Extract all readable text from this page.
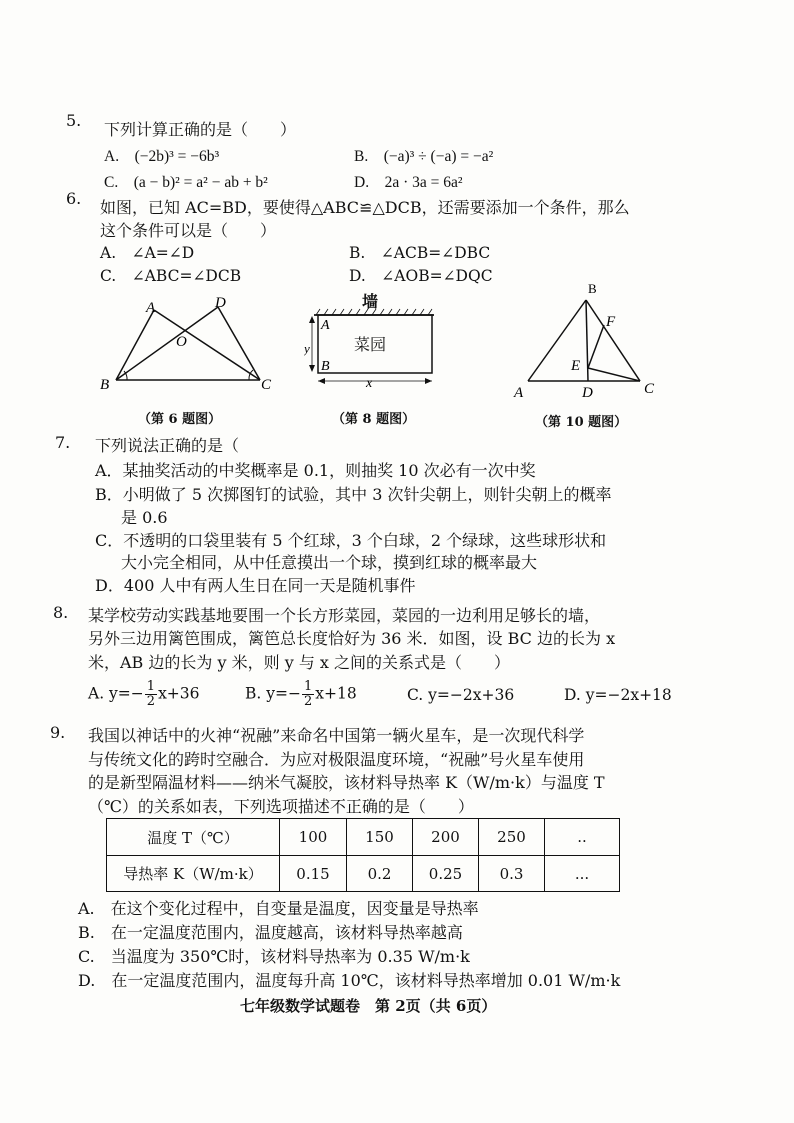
5. 下列计算正确的是（　　）
A.　(−2b)³ = −6b³	B.　(−a)³ ÷ (−a) = −a²
C.　(a − b)² = a² − ab + b²	D.　2a · 3a = 6a²
6. 如图，已知 AC=BD，要使得△ABC≌△DCB，还需要添加一个条件，那么
这个条件可以是（　　）
A.　∠A=∠D	B.　∠ACB=∠DBC
C.　∠ABC=∠DCB	D.　∠AOB=∠DQC
A	D
O
B	C
（第 6 题图）
墙　　
A
B
y
x
菜园
（第 8 题图）
B
F
E
A	D	C
（第 10 题图）
7. 下列说法正确的是（
A．某抽奖活动的中奖概率是 0.1，则抽奖 10 次必有一次中奖
B．小明做了 5 次掷图钉的试验，其中 3 次针尖朝上，则针尖朝上的概率
是 0.6
C．不透明的口袋里装有 5 个红球，3 个白球，2 个绿球，这些球形状和
大小完全相同，从中任意摸出一个球，摸到红球的概率最大
D．400 人中有两人生日在同一天是随机事件
8. 某学校劳动实践基地要围一个长方形菜园，菜园的一边利用足够长的墙，
另外三边用篱笆围成，篱笆总长度恰好为 36 米．如图，设 BC 边的长为 x
米，AB 边的长为 y 米，则 y 与 x 之间的关系式是（　　）
A. $y=- \frac{1}{2} x+36$	B. $y=- \frac{1}{2} x+18$	C. y=−2x+36	D. y=−2x+18
9. 我国以神话中的火神“祝融”来命名中国第一辆火星车，是一次现代科学
与传统文化的跨时空融合．为应对极限温度环境，“祝融”号火星车使用
的是新型隔温材料——纳米气凝胶，该材料导热率 K（W/m·k）与温度 T
（℃）的关系如表，下列选项描述不正确的是（　　）
温度 T（℃）	100	150	200	250	..
导热率 K（W/m·k）	0.15	0.2	0.25	0.3	...
A.　在这个变化过程中，自变量是温度，因变量是导热率
B.　在一定温度范围内，温度越高，该材料导热率越高
C.　当温度为 350℃时，该材料导热率为 0.35 W/m·k
D.　在一定温度范围内，温度每升高 10℃，该材料导热率增加 0.01 W/m·k
七年级数学试题卷　第 2页（共 6页）
